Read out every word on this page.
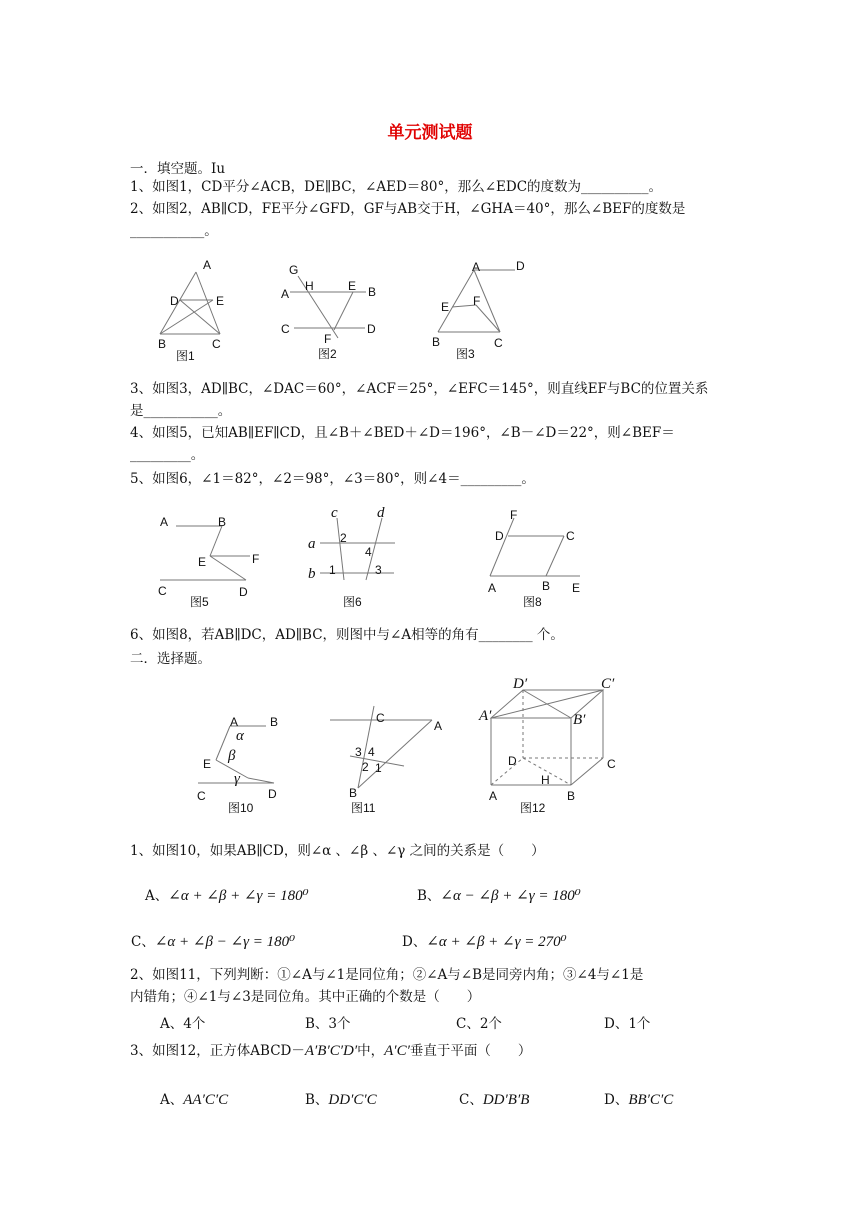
单元测试题
一．填空题。Iu
1、如图1，CD平分∠ACB，DE∥BC，∠AED＝80°，那么∠EDC的度数为__________。
2、如图2，AB∥CD，FE平分∠GFD，GF与AB交于H，∠GHA＝40°，那么∠BEF的度数是
___________。
A
D	E
B	C
图1
G
H	E
A	B
C	D
F
图2
A	D
E F
B	C
图3
A	B
E	F
C	D
图5
c	d
a
b
2
4
1	3
图6
F
D	C
A	B E
图8
A	B
α
β
E
γ
C	D
图10
C
A
3 4
2 1
B
图11
D′	C′
A′	B′
D	C
H
A	B
图12
3、如图3，AD∥BC，∠DAC＝60°，∠ACF＝25°，∠EFC＝145°，则直线EF与BC的位置关系
是___________。
4、如图5，已知AB∥EF∥CD，且∠B＋∠BED＋∠D＝196°，∠B－∠D＝22°，则∠BEF＝
_________。
5、如图6，∠1＝82°，∠2＝98°，∠3＝80°，则∠4＝_________。
6、如图8，若AB∥DC，AD∥BC，则图中与∠A相等的角有________ 个。
二．选择题。
1、如图10，如果AB∥CD，则∠α 、∠β 、∠γ 之间的关系是（　　）
A、∠α + ∠β + ∠γ = 180⁰	B、∠α − ∠β + ∠γ = 180⁰
C、∠α + ∠β − ∠γ = 180⁰	D、∠α + ∠β + ∠γ = 270⁰
2、如图11，下列判断：①∠A与∠1是同位角；②∠A与∠B是同旁内角；③∠4与∠1是
内错角；④∠1与∠3是同位角。其中正确的个数是（　　）
A、4个	B、3个	C、2个	D、1个
3、如图12，正方体ABCD－A′B′C′D′中，A′C′垂直于平面（　　）
A、AA′C′C	B、DD′C′C	C、DD′B′B	D、BB′C′C
